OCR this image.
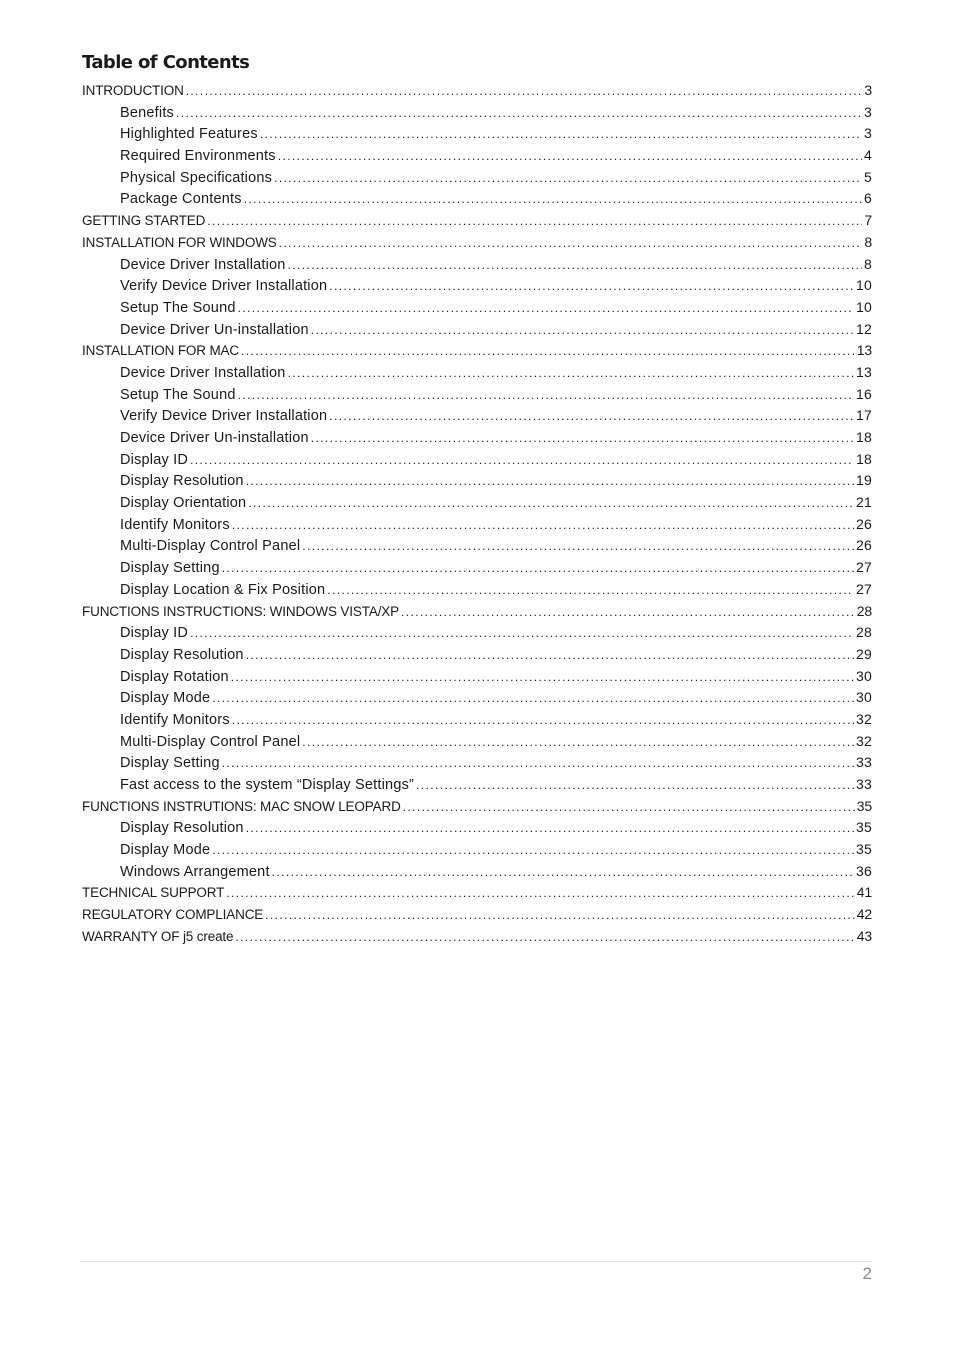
Table of Contents
INTRODUCTION .....	3
Benefits .....	3
Highlighted Features .....	3
Required Environments .....	4
Physical Specifications .....	5
Package Contents .....	6
GETTING STARTED .....	7
INSTALLATION FOR WINDOWS .....	8
Device Driver Installation .....	8
Verify Device Driver Installation .....	10
Setup The Sound .....	10
Device Driver Un-installation .....	12
INSTALLATION FOR MAC .....	13
Device Driver Installation .....	13
Setup The Sound .....	16
Verify Device Driver Installation .....	17
Device Driver Un-installation .....	18
Display ID .....	18
Display Resolution .....	19
Display Orientation .....	21
Identify Monitors .....	26
Multi-Display Control Panel .....	26
Display Setting .....	27
Display Location & Fix Position .....	27
FUNCTIONS INSTRUCTIONS: WINDOWS VISTA/XP .....	28
Display ID .....	28
Display Resolution .....	29
Display Rotation .....	30
Display Mode .....	30
Identify Monitors .....	32
Multi-Display Control Panel .....	32
Display Setting .....	33
Fast access to the system “Display Settings” .....	33
FUNCTIONS INSTRUTIONS: MAC SNOW LEOPARD .....	35
Display Resolution .....	35
Display Mode .....	35
Windows Arrangement .....	36
TECHNICAL SUPPORT .....	41
REGULATORY COMPLIANCE .....	42
WARRANTY OF j5 create .....	43
2
